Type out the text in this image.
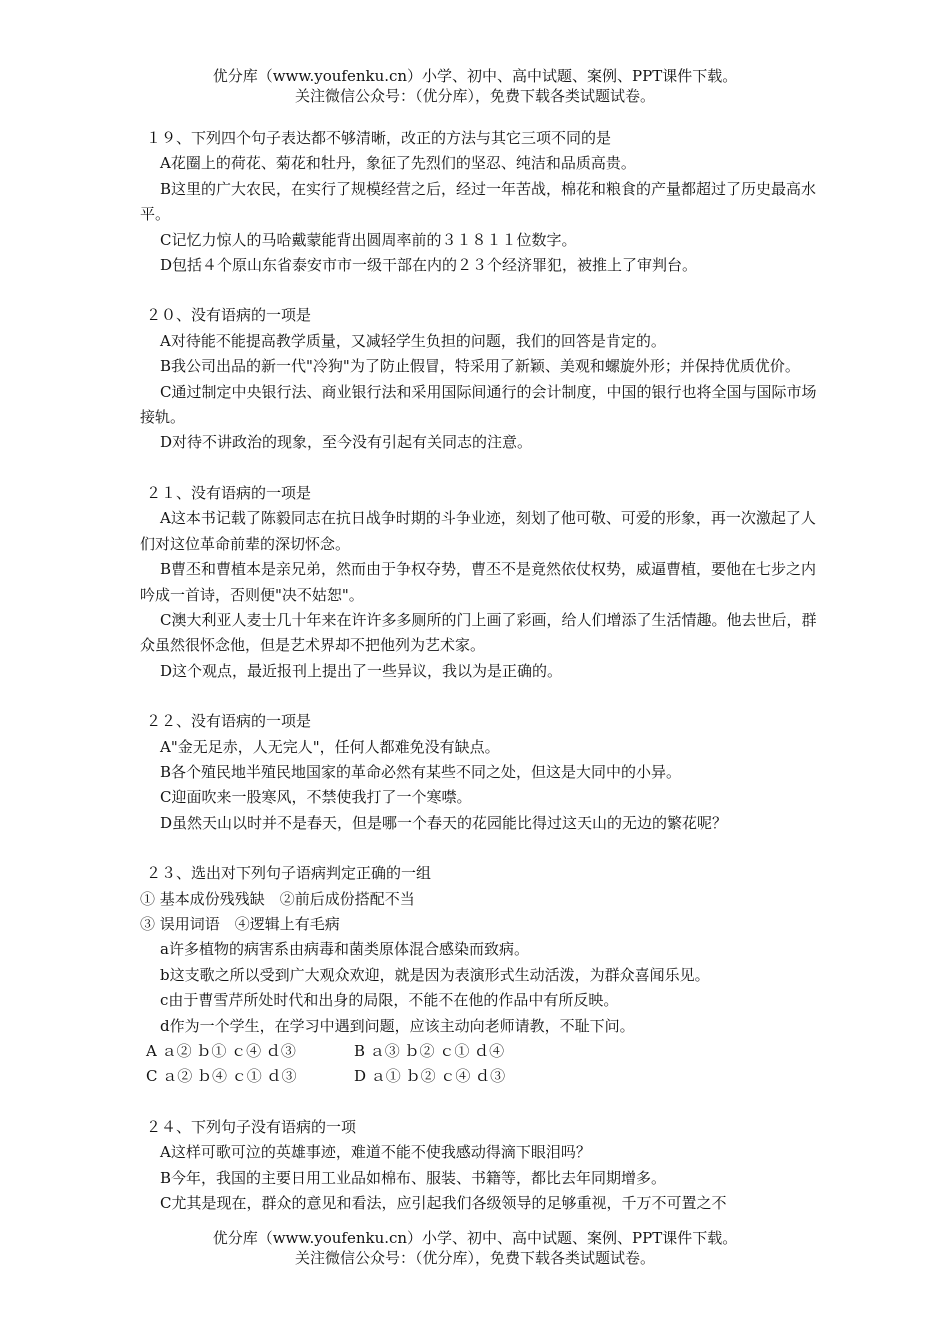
优分库（www.youfenku.cn）小学、初中、高中试题、案例、PPT课件下载。
关注微信公众号：（优分库），免费下载各类试题试卷。

１９、下列四个句子表达都不够清晰，改正的方法与其它三项不同的是

A花圈上的荷花、菊花和牡丹，象征了先烈们的坚忍、纯洁和品质高贵。

B这里的广大农民，在实行了规模经营之后，经过一年苦战，棉花和粮食的产量都超过了历史最高水平。

C记忆力惊人的马哈戴蒙能背出圆周率前的３１８１１位数字。

D包括４个原山东省泰安市市一级干部在内的２３个经济罪犯，被推上了审判台。

２０、没有语病的一项是

A对待能不能提高教学质量，又减轻学生负担的问题，我们的回答是肯定的。

B我公司出品的新一代"冷狗"为了防止假冒，特采用了新颖、美观和螺旋外形；并保持优质优价。

C通过制定中央银行法、商业银行法和采用国际间通行的会计制度，中国的银行也将全国与国际市场接轨。

D对待不讲政治的现象，至今没有引起有关同志的注意。

２１、没有语病的一项是

A这本书记载了陈毅同志在抗日战争时期的斗争业迹，刻划了他可敬、可爱的形象，再一次激起了人们对这位革命前辈的深切怀念。

B曹丕和曹植本是亲兄弟，然而由于争权夺势，曹丕不是竟然依仗权势，威逼曹植，要他在七步之内吟成一首诗，否则便"决不姑恕"。

C澳大利亚人麦士几十年来在许许多多厕所的门上画了彩画，给人们增添了生活情趣。他去世后，群众虽然很怀念他，但是艺术界却不把他列为艺术家。

D这个观点，最近报刊上提出了一些异议，我以为是正确的。

２２、没有语病的一项是

A"金无足赤，人无完人"，任何人都难免没有缺点。

B各个殖民地半殖民地国家的革命必然有某些不同之处，但这是大同中的小异。

C迎面吹来一股寒风，不禁使我打了一个寒噤。

D虽然天山以时并不是春天，但是哪一个春天的花园能比得过这天山的无边的繁花呢？

２３、选出对下列句子语病判定正确的一组

① 基本成份残残缺　②前后成份搭配不当

③ 误用词语　④逻辑上有毛病

a许多植物的病害系由病毒和菌类原体混合感染而致病。

b这支歌之所以受到广大观众欢迎，就是因为表演形式生动活泼，为群众喜闻乐见。

c由于曹雪芹所处时代和出身的局限，不能不在他的作品中有所反映。

d作为一个学生，在学习中遇到问题，应该主动向老师请教，不耻下问。

A ａ② ｂ① ｃ④ ｄ③	B ａ③ ｂ② ｃ① ｄ④
C ａ② ｂ④ ｃ① ｄ③	D ａ① ｂ② ｃ④ ｄ③

２４、下列句子没有语病的一项

A这样可歌可泣的英雄事迹，难道不能不使我感动得滴下眼泪吗？

B今年，我国的主要日用工业品如棉布、服装、书籍等，都比去年同期增多。

C尤其是现在，群众的意见和看法，应引起我们各级领导的足够重视，千万不可置之不

优分库（www.youfenku.cn）小学、初中、高中试题、案例、PPT课件下载。
关注微信公众号：（优分库），免费下载各类试题试卷。
